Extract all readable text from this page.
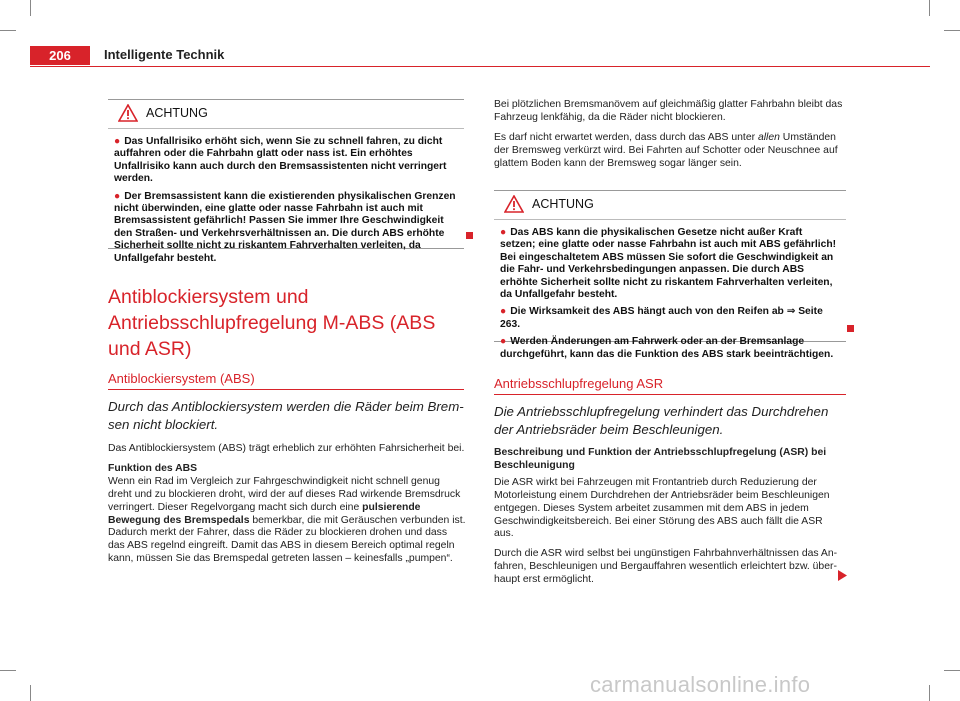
206	Intelligente Technik
ACHTUNG

● Das Unfallrisiko erhöht sich, wenn Sie zu schnell fahren, zu dicht auffahren oder die Fahrbahn glatt oder nass ist. Ein erhöhtes Unfallrisiko kann auch durch den Bremsassistenten nicht verringert werden.

● Der Bremsassistent kann die existierenden physikalischen Grenzen nicht überwinden, eine glatte oder nasse Fahrbahn ist auch mit Bremsassistent gefährlich! Passen Sie immer Ihre Geschwindigkeit den Straßen- und Verkehrsverhältnissen an. Die durch ABS erhöhte Sicherheit sollte nicht zu riskantem Fahrverhalten verleiten, da Unfallgefahr besteht.

Antiblockiersystem und Antriebsschlupfregelung M-ABS (ABS und ASR)
Antiblockiersystem (ABS)
Durch das Antiblockiersystem werden die Räder beim Bremsen nicht blockiert.

Das Antiblockiersystem (ABS) trägt erheblich zur erhöhten Fahrsicherheit bei.

Funktion des ABS

Wenn ein Rad im Vergleich zur Fahrgeschwindigkeit nicht schnell genug dreht und zu blockieren droht, wird der auf dieses Rad wirkende Bremsdruck verringert. Dieser Regelvorgang macht sich durch eine pulsierende Bewegung des Bremspedals bemerkbar, die mit Geräuschen verbunden ist. Dadurch merkt der Fahrer, dass die Räder zu blockieren drohen und dass das ABS regelnd eingreift. Damit das ABS in diesem Bereich optimal regeln kann, müssen Sie das Bremspedal getreten lassen – keinesfalls „pumpen“.

Bei plötzlichen Bremsmanövem auf gleichmäßig glatter Fahrbahn bleibt das Fahrzeug lenkfähig, da die Räder nicht blockieren.

Es darf nicht erwartet werden, dass durch das ABS unter allen Umständen der Bremsweg verkürzt wird. Bei Fahrten auf Schotter oder Neuschnee auf glattem Boden kann der Bremsweg sogar länger sein.

ACHTUNG

● Das ABS kann die physikalischen Gesetze nicht außer Kraft setzen; eine glatte oder nasse Fahrbahn ist auch mit ABS gefährlich! Bei eingeschaltetem ABS müssen Sie sofort die Geschwindigkeit an die Fahr- und Verkehrsbedingungen anpassen. Die durch ABS erhöhte Sicherheit sollte nicht zu riskantem Fahrverhalten verleiten, da Unfallgefahr besteht.

● Die Wirksamkeit des ABS hängt auch von den Reifen ab ⇒ Seite 263.

● Werden Änderungen am Fahrwerk oder an der Bremsanlage durchgeführt, kann das die Funktion des ABS stark beeinträchtigen.

Antriebsschlupfregelung ASR
Die Antriebsschlupfregelung verhindert das Durchdrehen der Antriebsräder beim Beschleunigen.

Beschreibung und Funktion der Antriebsschlupfregelung (ASR) bei Beschleunigung

Die ASR wirkt bei Fahrzeugen mit Frontantrieb durch Reduzierung der Motorleistung einem Durchdrehen der Antriebsräder beim Beschleunigen entgegen. Dieses System arbeitet zusammen mit dem ABS in jedem Geschwindigkeitsbereich. Bei einer Störung des ABS auch fällt die ASR aus.

Durch die ASR wird selbst bei ungünstigen Fahrbahnverhältnissen das Anfahren, Beschleunigen und Bergauffahren wesentlich erleichtert bzw. überhaupt erst ermöglicht.

carmanualsonline.info
